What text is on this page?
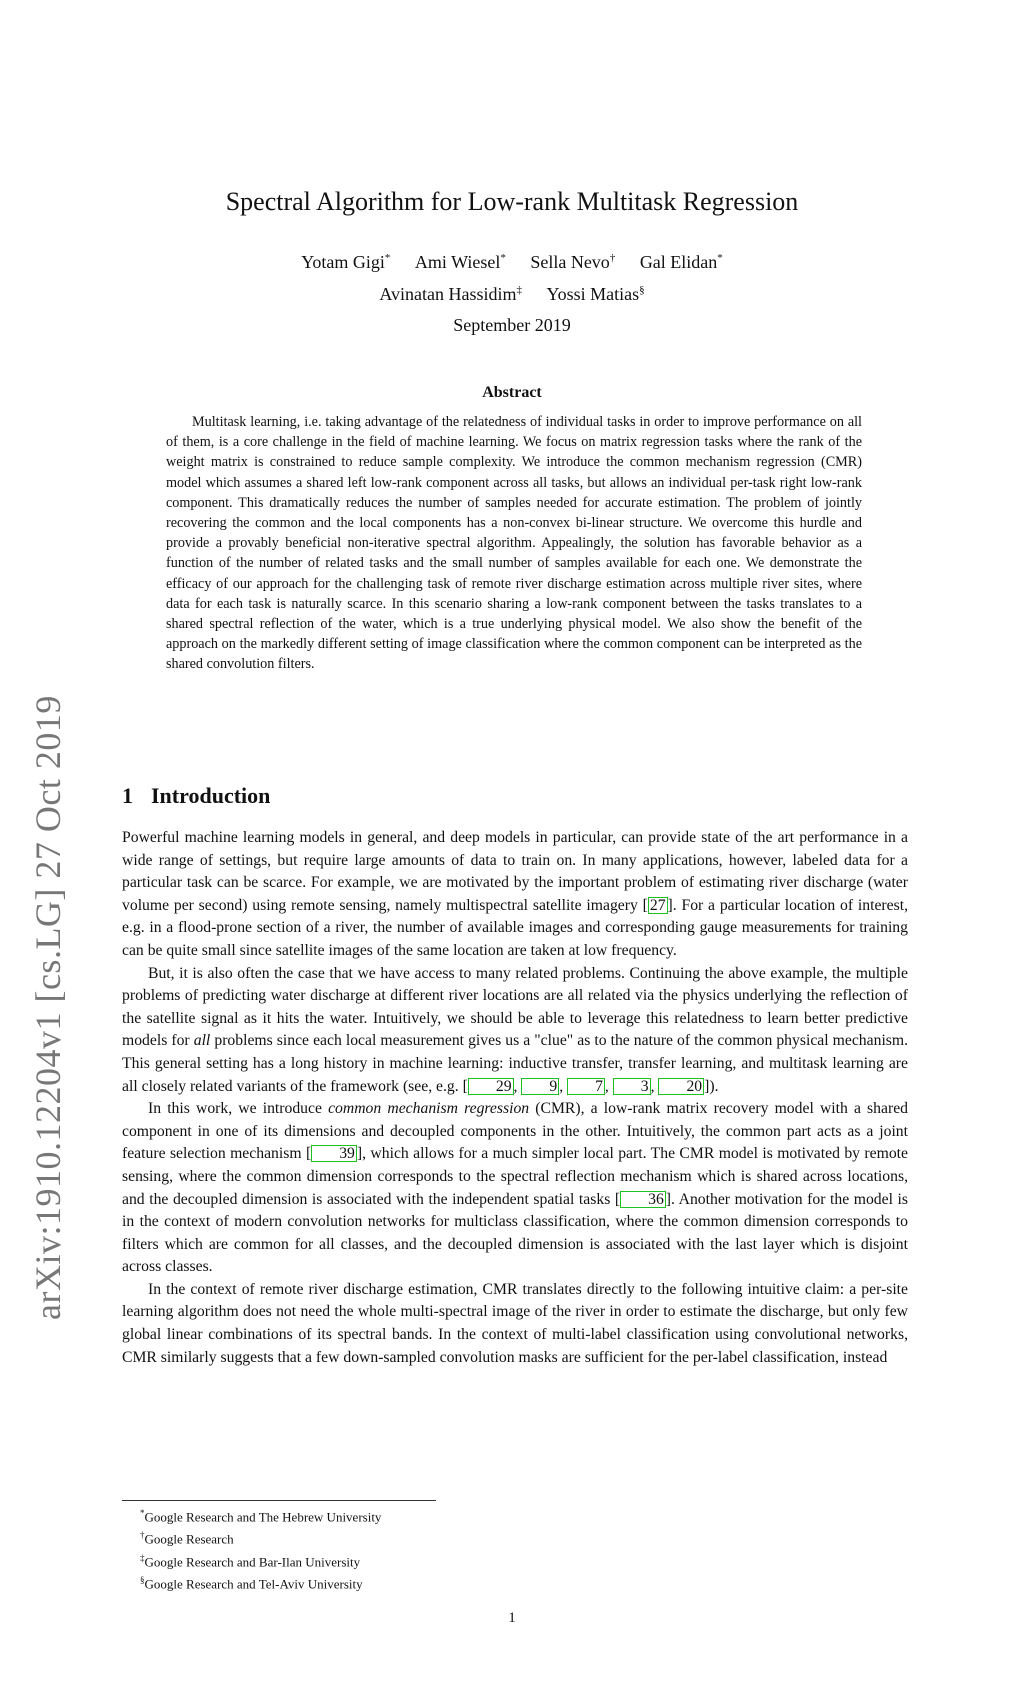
arXiv:1910.12204v1 [cs.LG] 27 Oct 2019
Spectral Algorithm for Low-rank Multitask Regression
Yotam Gigi* Ami Wiesel* Sella Nevo† Gal Elidan*
Avinatan Hassidim‡ Yossi Matias§
September 2019
Abstract
Multitask learning, i.e. taking advantage of the relatedness of individual tasks in order to improve performance on all of them, is a core challenge in the field of machine learning. We focus on matrix regression tasks where the rank of the weight matrix is constrained to reduce sample complexity. We introduce the common mechanism regression (CMR) model which assumes a shared left low-rank component across all tasks, but allows an individual per-task right low-rank component. This dramatically reduces the number of samples needed for accurate estimation. The problem of jointly recovering the common and the local components has a non-convex bi-linear structure. We overcome this hurdle and provide a provably beneficial non-iterative spectral algorithm. Appealingly, the solution has favorable behavior as a function of the number of related tasks and the small number of samples available for each one. We demonstrate the efficacy of our approach for the challenging task of remote river discharge estimation across multiple river sites, where data for each task is naturally scarce. In this scenario sharing a low-rank component between the tasks translates to a shared spectral reflection of the water, which is a true underlying physical model. We also show the benefit of the approach on the markedly different setting of image classification where the common component can be interpreted as the shared convolution filters.
1 Introduction

Powerful machine learning models in general, and deep models in particular, can provide state of the art performance in a wide range of settings, but require large amounts of data to train on. In many applications, however, labeled data for a particular task can be scarce. For example, we are motivated by the important problem of estimating river discharge (water volume per second) using remote sensing, namely multispectral satellite imagery [ 27 ]. For a particular location of interest, e.g. in a flood-prone section of a river, the number of available images and corresponding gauge measurements for training can be quite small since satellite images of the same location are taken at low frequency.

But, it is also often the case that we have access to many related problems. Continuing the above example, the multiple problems of predicting water discharge at different river locations are all related via the physics underlying the reflection of the satellite signal as it hits the water. Intuitively, we should be able to leverage this relatedness to learn better predictive models for all problems since each local measurement gives us a "clue" as to the nature of the common physical mechanism. This general setting has a long history in machine learning: inductive transfer, transfer learning, and multitask learning are all closely related variants of the framework (see, e.g. [ 29 , 9 , 7 , 3 , 20 ]).

In this work, we introduce common mechanism regression (CMR), a low-rank matrix recovery model with a shared component in one of its dimensions and decoupled components in the other. Intuitively, the common part acts as a joint feature selection mechanism [ 39 ], which allows for a much simpler local part. The CMR model is motivated by remote sensing, where the common dimension corresponds to the spectral reflection mechanism which is shared across locations, and the decoupled dimension is associated with the independent spatial tasks [ 36 ]. Another motivation for the model is in the context of modern convolution networks for multiclass classification, where the common dimension corresponds to filters which are common for all classes, and the decoupled dimension is associated with the last layer which is disjoint across classes.

In the context of remote river discharge estimation, CMR translates directly to the following intuitive claim: a per-site learning algorithm does not need the whole multi-spectral image of the river in order to estimate the discharge, but only few global linear combinations of its spectral bands. In the context of multi-label classification using convolutional networks, CMR similarly suggests that a few down-sampled convolution masks are sufficient for the per-label classification, instead

*Google Research and The Hebrew University
†Google Research
‡Google Research and Bar-Ilan University
§Google Research and Tel-Aviv University
1
